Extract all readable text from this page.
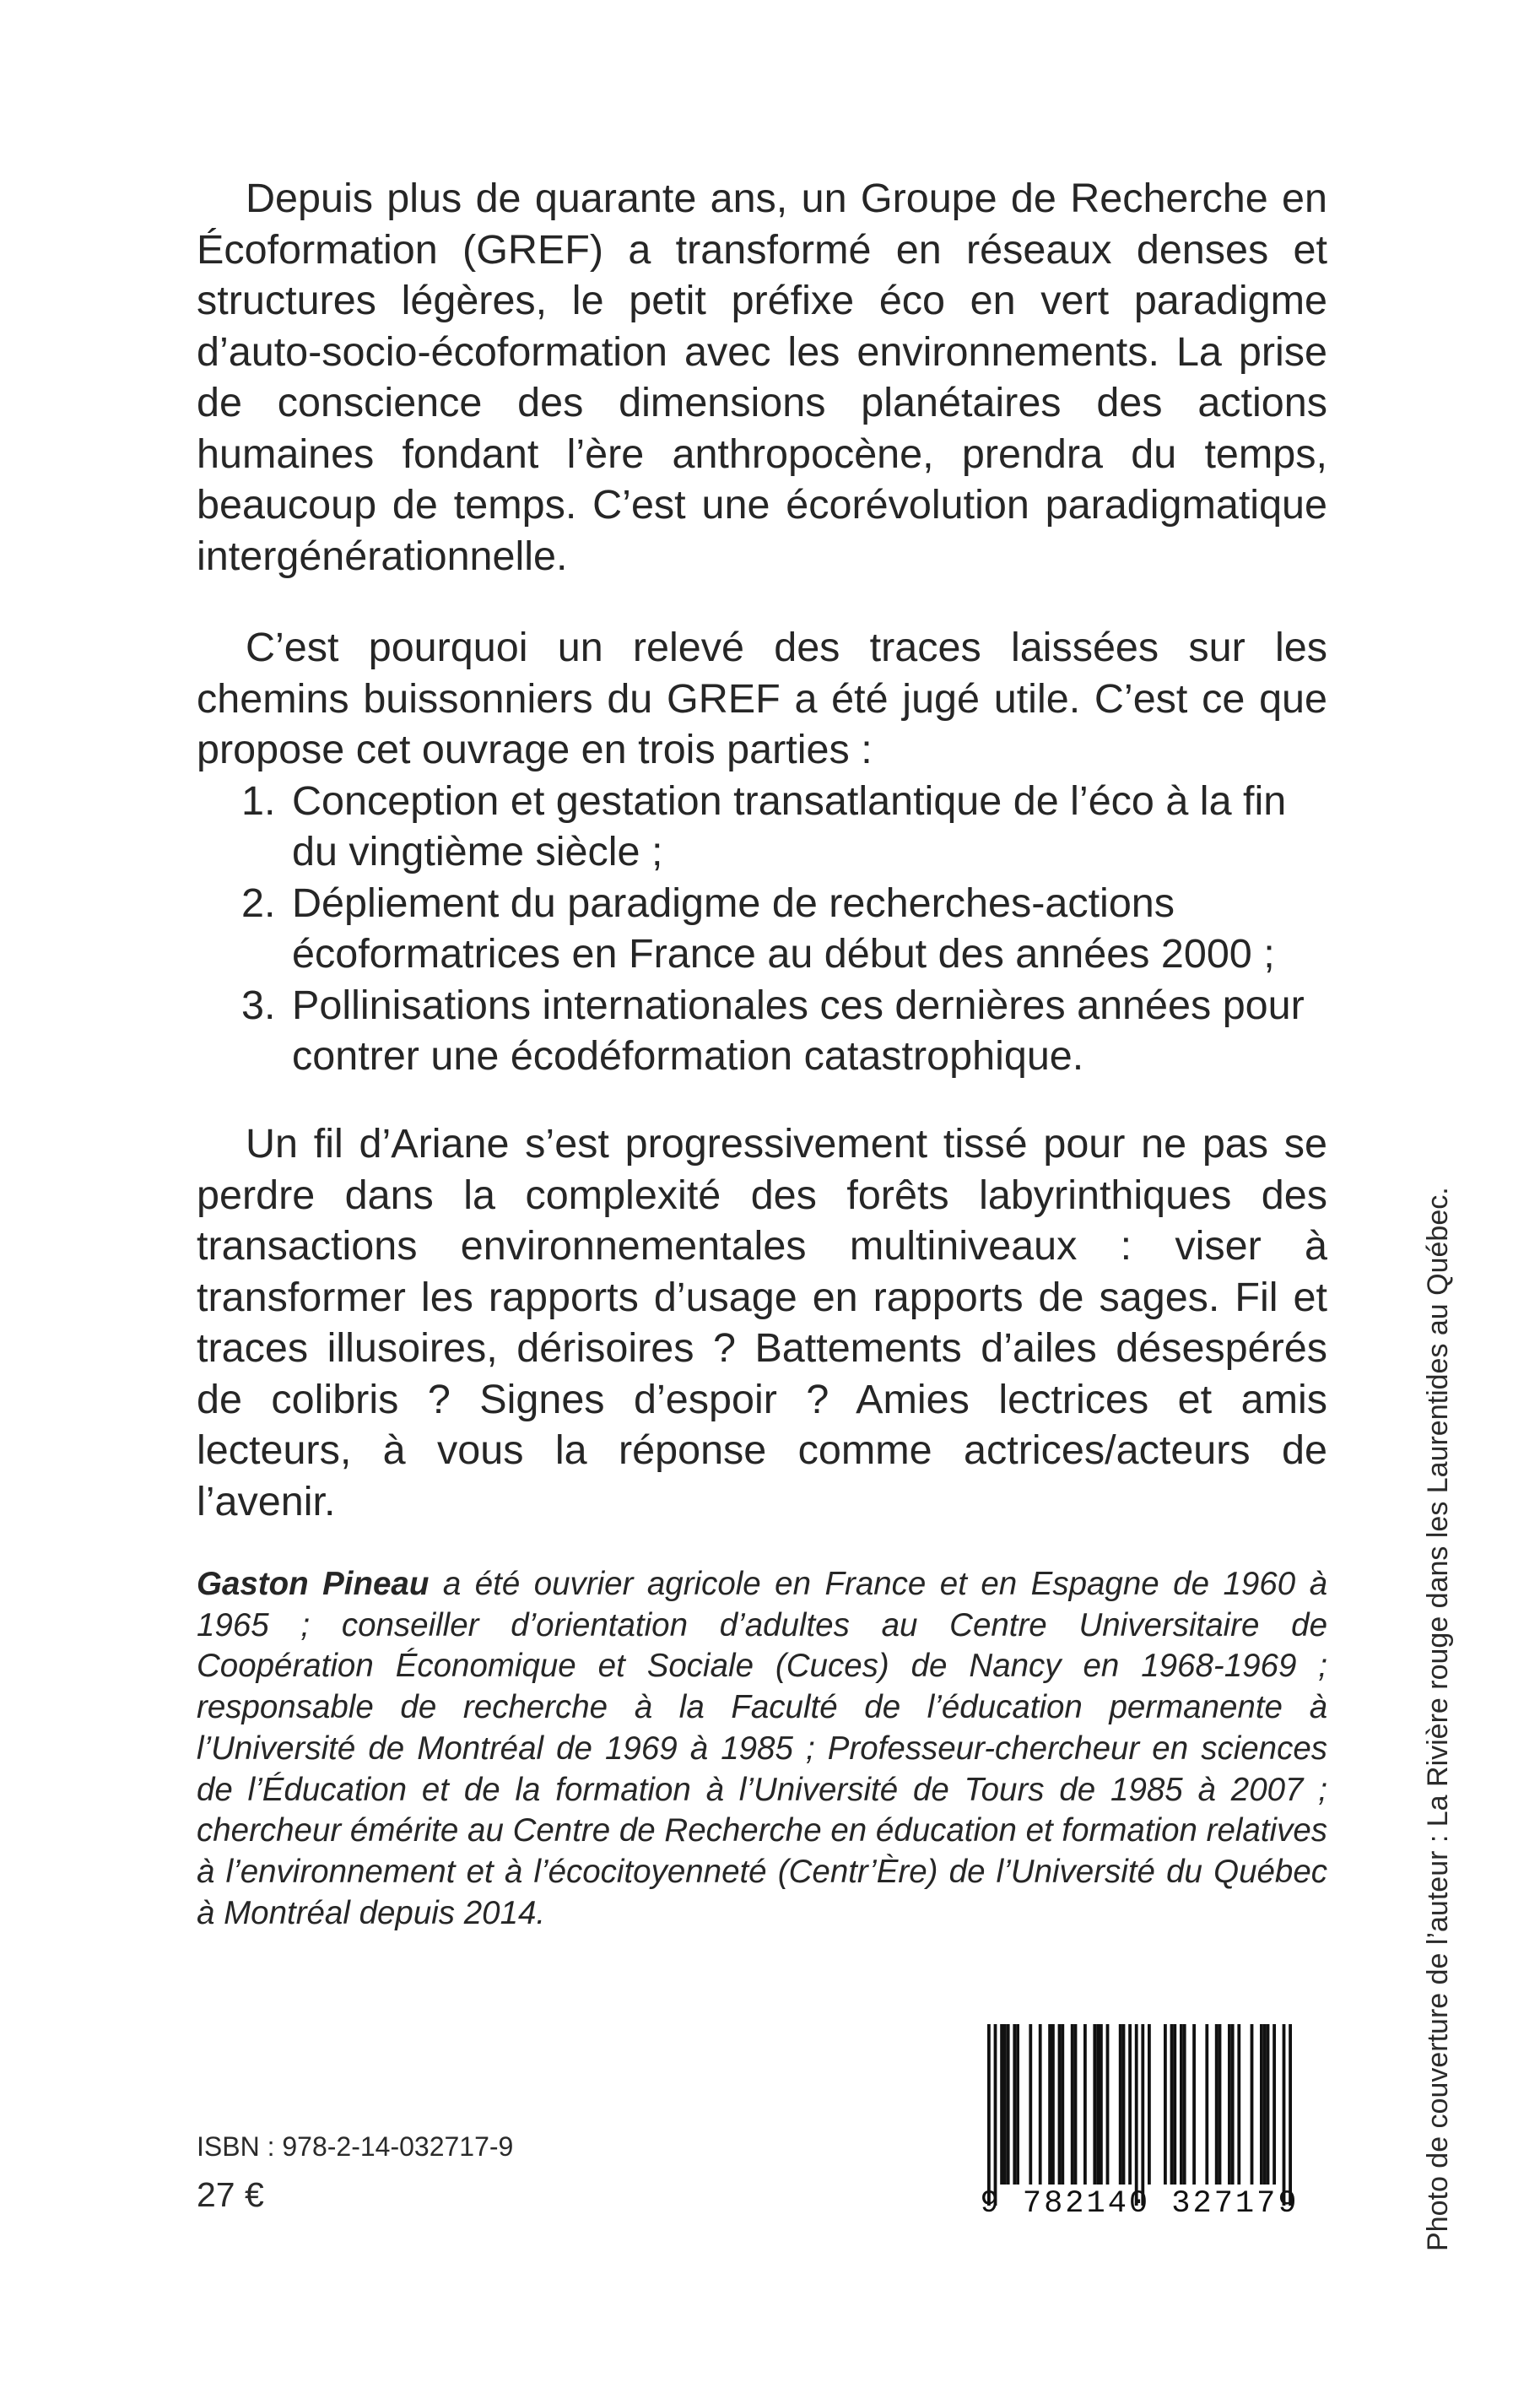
Depuis plus de quarante ans, un Groupe de Recherche en Écoformation (GREF) a transformé en réseaux denses et structures légères, le petit préfixe éco en vert paradigme d’auto-socio-écoformation avec les environnements. La prise de conscience des dimensions planétaires des actions humaines fondant l’ère anthropocène, prendra du temps, beaucoup de temps. C’est une écorévolution paradigmatique intergénérationnelle.

C’est pourquoi un relevé des traces laissées sur les chemins buissonniers du GREF a été jugé utile. C’est ce que propose cet ouvrage en trois parties :

1. Conception et gestation transatlantique de l’éco à la fin du vingtième siècle ;
2. Dépliement du paradigme de recherches-actions écoformatrices en France au début des années 2000 ;
3. Pollinisations internationales ces dernières années pour contrer une écodéformation catastrophique.

Un fil d’Ariane s’est progressivement tissé pour ne pas se perdre dans la complexité des forêts labyrinthiques des transactions environnementales multiniveaux : viser à transformer les rapports d’usage en rapports de sages. Fil et traces illusoires, dérisoires ? Battements d’ailes désespérés de colibris ? Signes d’espoir ? Amies lectrices et amis lecteurs, à vous la réponse comme actrices/acteurs de l’avenir.

Gaston Pineau a été ouvrier agricole en France et en Espagne de 1960 à 1965 ; conseiller d’orientation d’adultes au Centre Universitaire de Coopération Économique et Sociale (Cuces) de Nancy en 1968-1969 ; responsable de recherche à la Faculté de l’éducation permanente à l’Université de Montréal de 1969 à 1985 ; Professeur-chercheur en sciences de l’Éducation et de la formation à l’Université de Tours de 1985 à 2007 ; chercheur émérite au Centre de Recherche en éducation et formation relatives à l’environnement et à l’écocitoyenneté (Centr’Ère) de l’Université du Québec à Montréal depuis 2014.
ISBN : 978-2-14-032717-9
27 €	9 782140 327179	Photo de couverture de l’auteur : La Rivière rouge dans les Laurentides au Québec.
